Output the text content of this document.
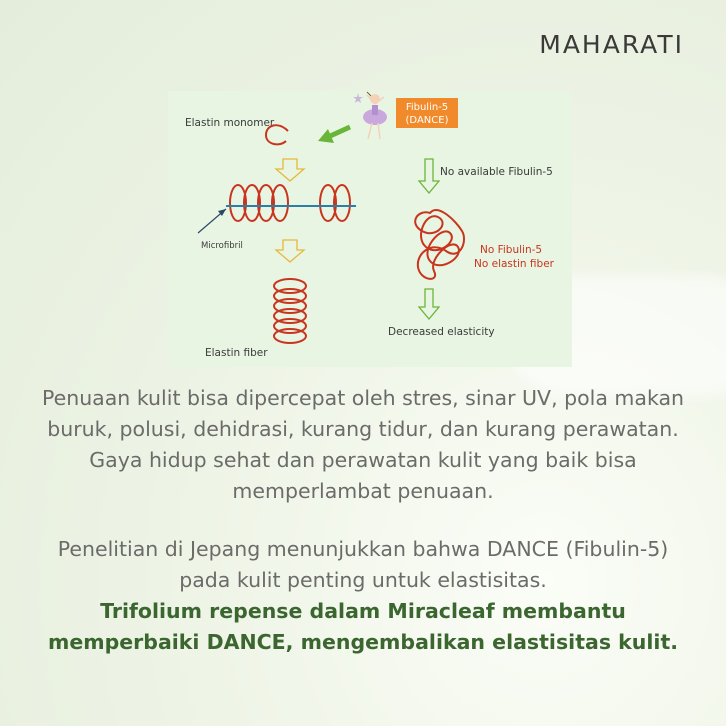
MAHARATI
Elastin monomer
Fibulin-5
(DANCE)
Microfibril
Elastin fiber
No available Fibulin-5
No Fibulin-5
No elastin fiber
Decreased elasticity

Penuaan kulit bisa dipercepat oleh stres, sinar UV, pola makan buruk, polusi, dehidrasi, kurang tidur, dan kurang perawatan. Gaya hidup sehat dan perawatan kulit yang baik bisa memperlambat penuaan.

Penelitian di Jepang menunjukkan bahwa DANCE (Fibulin-5) pada kulit penting untuk elastisitas.
Trifolium repense dalam Miracleaf membantu memperbaiki DANCE, mengembalikan elastisitas kulit.
